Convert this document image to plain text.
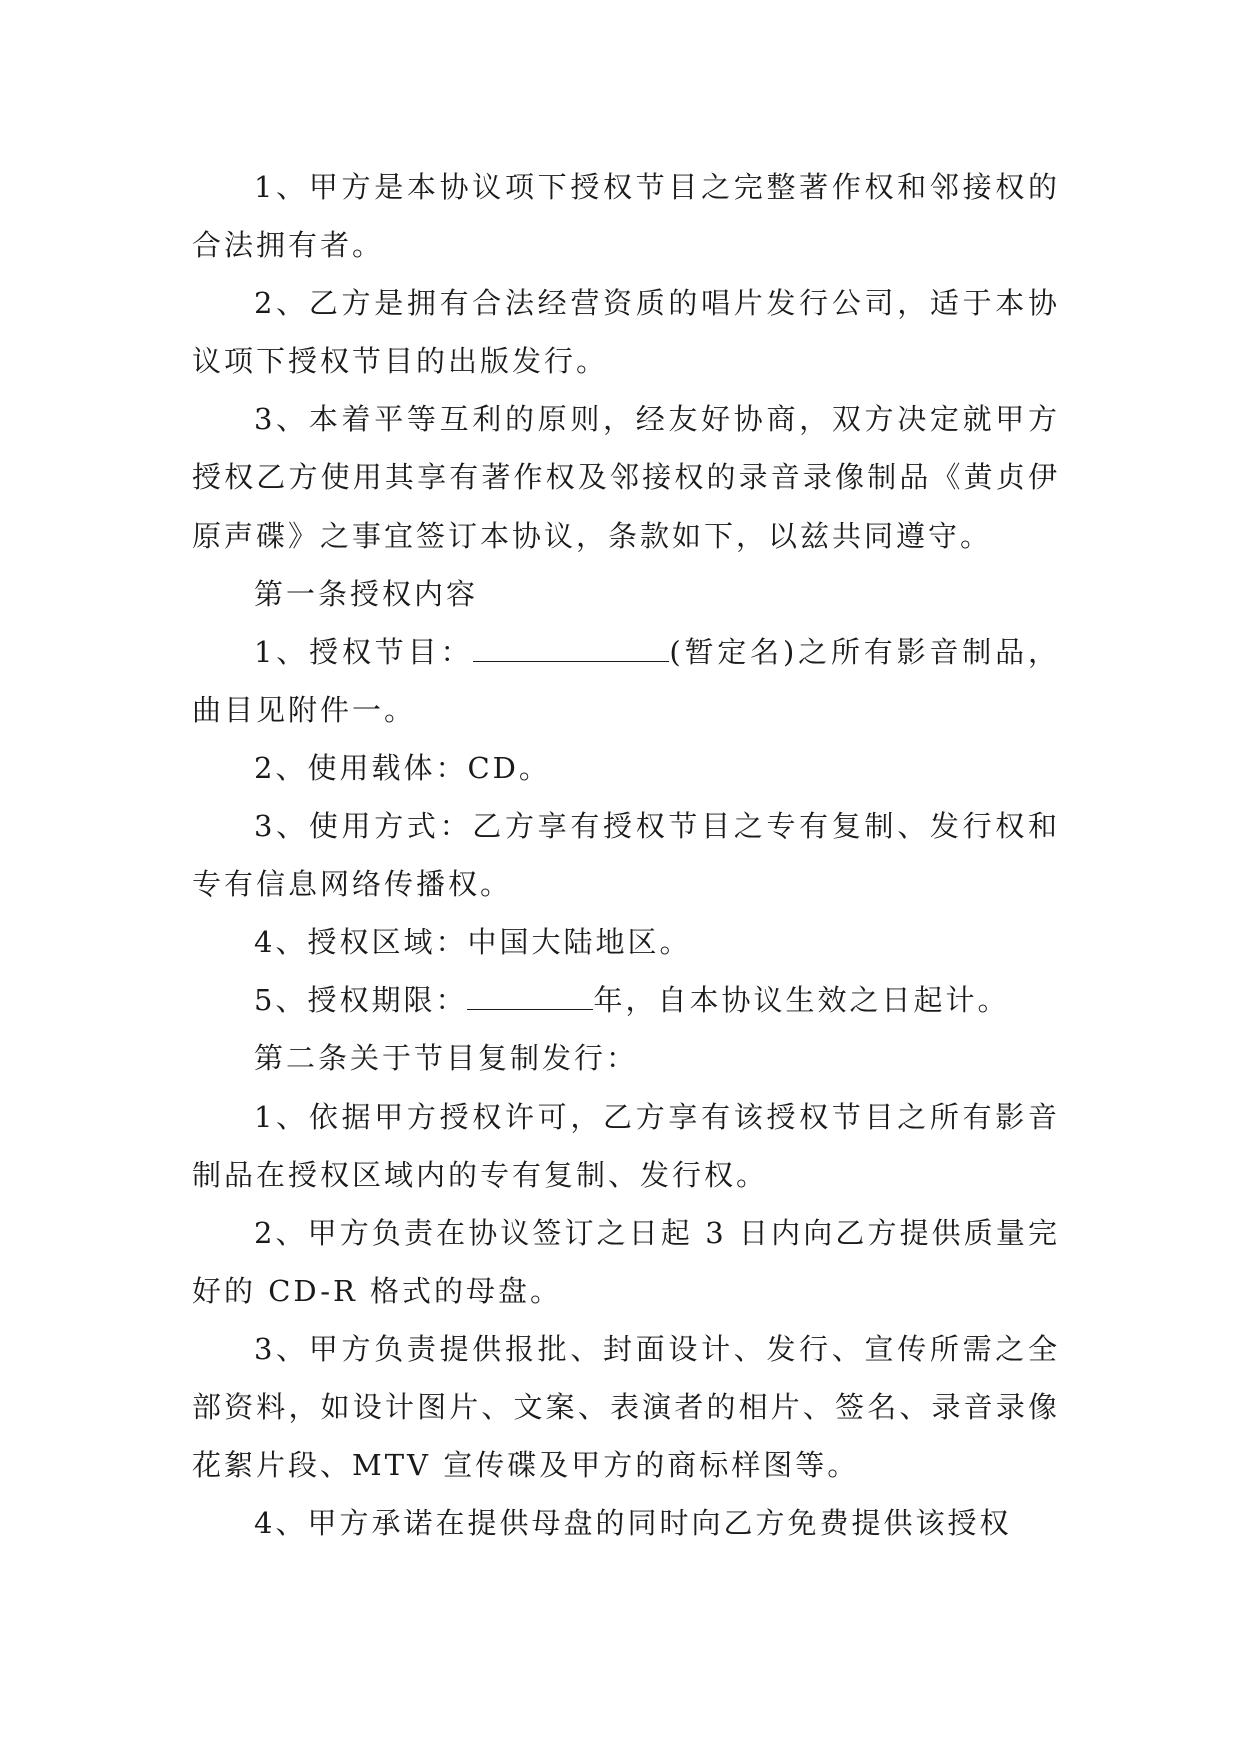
1、甲方是本协议项下授权节目之完整著作权和邻接权的合法拥有者。

2、乙方是拥有合法经营资质的唱片发行公司，适于本协议项下授权节目的出版发行。

3、本着平等互利的原则，经友好协商，双方决定就甲方授权乙方使用其享有著作权及邻接权的录音录像制品《黄贞伊原声碟》之事宜签订本协议，条款如下，以兹共同遵守。

第一条授权内容

1、授权节目：	(暂定名)之所有影音制品，曲目见附件一。

2、使用载体：CD。

3、使用方式：乙方享有授权节目之专有复制、发行权和专有信息网络传播权。

4、授权区域：中国大陆地区。

5、授权期限：	年，自本协议生效之日起计。

第二条关于节目复制发行：

1、依据甲方授权许可，乙方享有该授权节目之所有影音制品在授权区域内的专有复制、发行权。

2、甲方负责在协议签订之日起 3 日内向乙方提供质量完好的 CD-R 格式的母盘。

3、甲方负责提供报批、封面设计、发行、宣传所需之全部资料，如设计图片、文案、表演者的相片、签名、录音录像花絮片段、MTV 宣传碟及甲方的商标样图等。

4、甲方承诺在提供母盘的同时向乙方免费提供该授权
